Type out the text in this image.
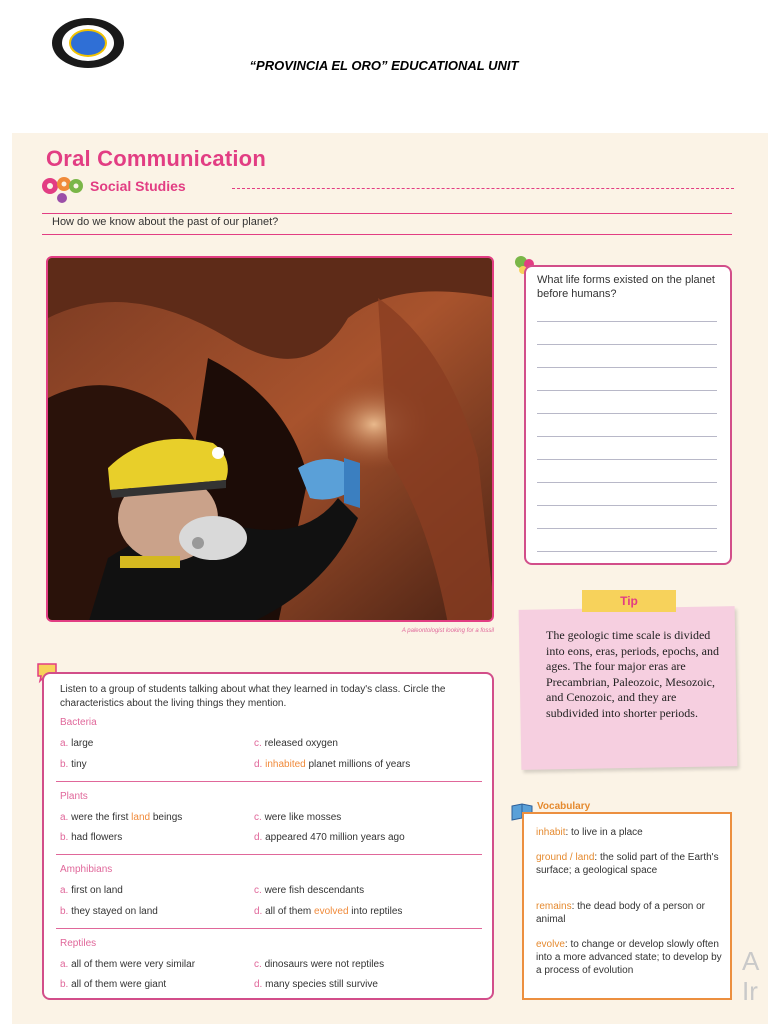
“PROVINCIA EL ORO” EDUCATIONAL UNIT
Oral Communication
Social Studies
How do we know about the past of our planet?
A paleontologist looking for a fossil
What life forms existed on the planet before humans?
Tip
The geologic time scale is divided into eons, eras, periods, epochs, and ages. The four major eras are Precambrian, Paleozoic, Mesozoic, and Cenozoic, and they are subdivided into shorter periods.
Listen to a group of students talking about what they learned in today's class. Circle the characteristics about the living things they mention.
Bacteria
a. large	c. released oxygen
b. tiny	d. inhabited planet millions of years
Plants
a. were the first land beings	c. were like mosses
b. had flowers	d. appeared 470 million years ago
Amphibians
a. first on land	c. were fish descendants
b. they stayed on land	d. all of them evolved into reptiles
Reptiles
a. all of them were very similar	c. dinosaurs were not reptiles
b. all of them were giant	d. many species still survive
Vocabulary
inhabit: to live in a place
ground / land: the solid part of the Earth's surface; a geological space
remains: the dead body of a person or animal
evolve: to change or develop slowly often into a more advanced state; to develop by a process of evolution	A
Ir
